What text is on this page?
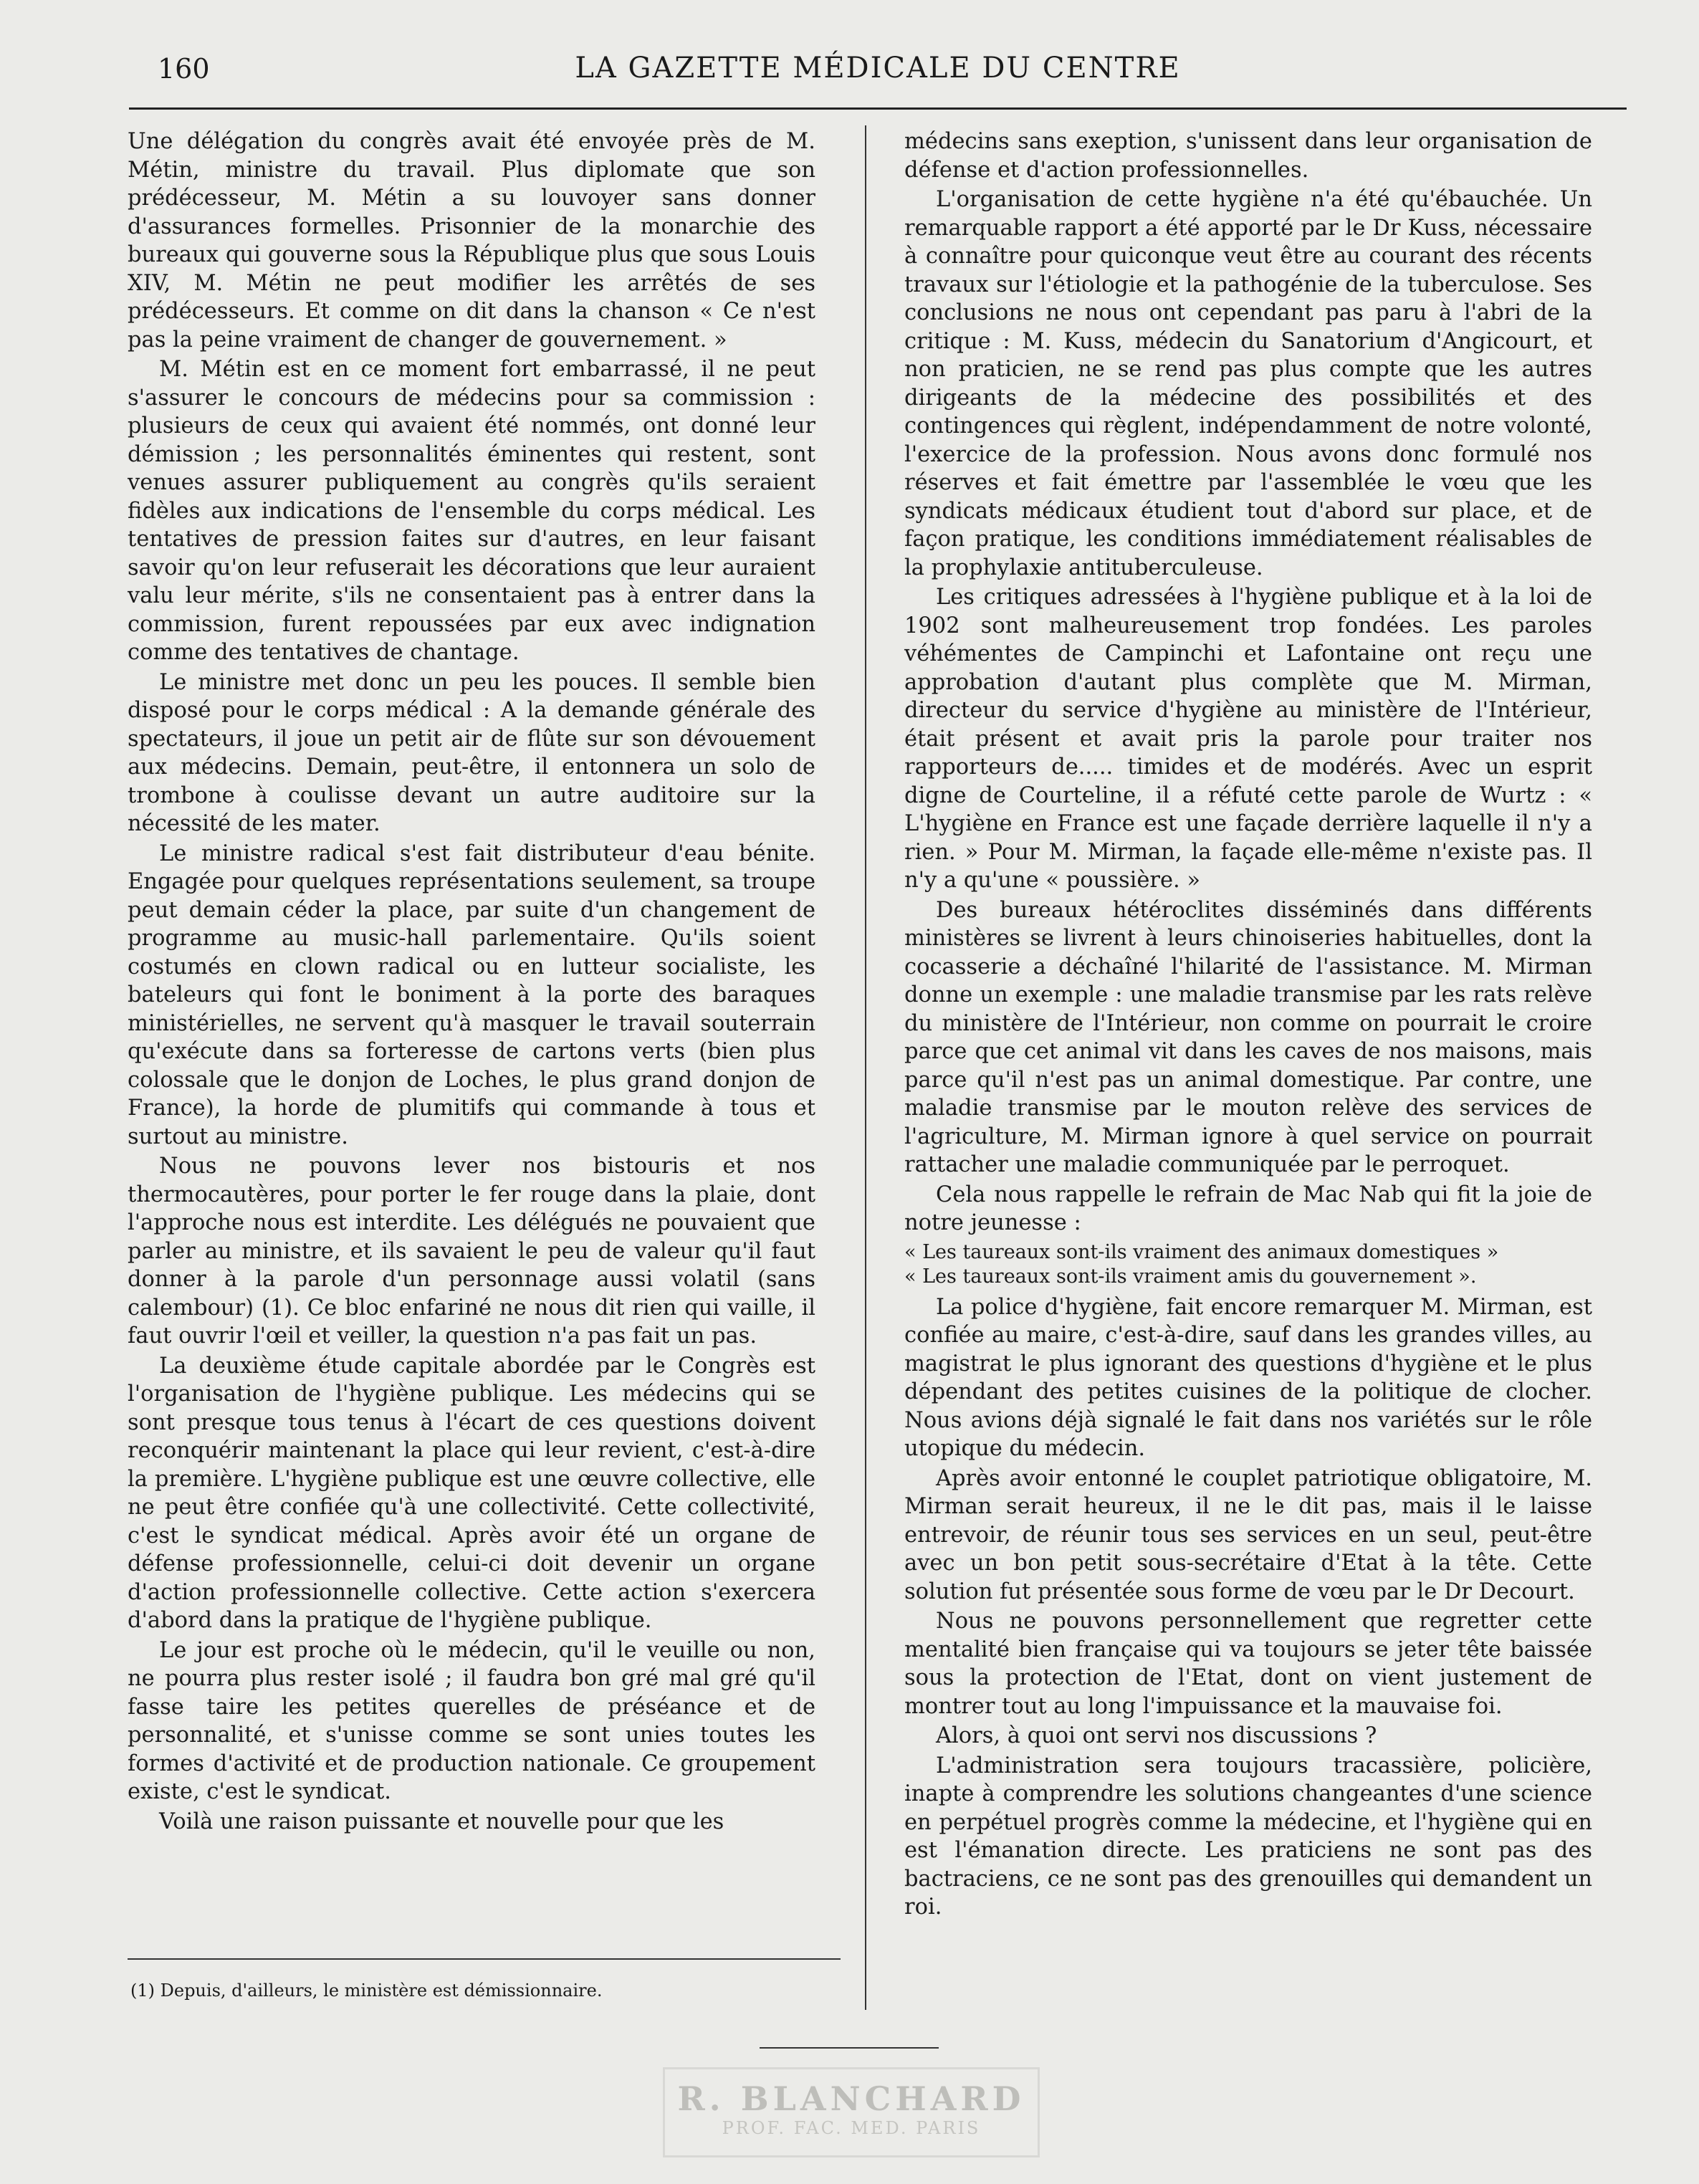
160	LA GAZETTE MÉDICALE DU CENTRE

Une délégation du congrès avait été envoyée près de M. Métin, ministre du travail. Plus diplomate que son prédécesseur, M. Métin a su louvoyer sans donner d'assurances formelles. Prisonnier de la monarchie des bureaux qui gouverne sous la République plus que sous Louis XIV, M. Métin ne peut modifier les arrêtés de ses prédécesseurs. Et comme on dit dans la chanson « Ce n'est pas la peine vraiment de changer de gouvernement. »

M. Métin est en ce moment fort embarrassé, il ne peut s'assurer le concours de médecins pour sa commission : plusieurs de ceux qui avaient été nommés, ont donné leur démission ; les personnalités éminentes qui restent, sont venues assurer publiquement au congrès qu'ils seraient fidèles aux indications de l'ensemble du corps médical. Les tentatives de pression faites sur d'autres, en leur faisant savoir qu'on leur refuserait les décorations que leur auraient valu leur mérite, s'ils ne consentaient pas à entrer dans la commission, furent repoussées par eux avec indignation comme des tentatives de chantage.

Le ministre met donc un peu les pouces. Il semble bien disposé pour le corps médical : A la demande générale des spectateurs, il joue un petit air de flûte sur son dévouement aux médecins. Demain, peut-être, il entonnera un solo de trombone à coulisse devant un autre auditoire sur la nécessité de les mater.

Le ministre radical s'est fait distributeur d'eau bénite. Engagée pour quelques représentations seulement, sa troupe peut demain céder la place, par suite d'un changement de programme au music-hall parlementaire. Qu'ils soient costumés en clown radical ou en lutteur socialiste, les bateleurs qui font le boniment à la porte des baraques ministérielles, ne servent qu'à masquer le travail souterrain qu'exécute dans sa forteresse de cartons verts (bien plus colossale que le donjon de Loches, le plus grand donjon de France), la horde de plumitifs qui commande à tous et surtout au ministre.

Nous ne pouvons lever nos bistouris et nos thermocautères, pour porter le fer rouge dans la plaie, dont l'approche nous est interdite. Les délégués ne pouvaient que parler au ministre, et ils savaient le peu de valeur qu'il faut donner à la parole d'un personnage aussi volatil (sans calembour) (1). Ce bloc enfariné ne nous dit rien qui vaille, il faut ouvrir l'œil et veiller, la question n'a pas fait un pas.

La deuxième étude capitale abordée par le Congrès est l'organisation de l'hygiène publique. Les médecins qui se sont presque tous tenus à l'écart de ces questions doivent reconquérir maintenant la place qui leur revient, c'est-à-dire la première. L'hygiène publique est une œuvre collective, elle ne peut être confiée qu'à une collectivité. Cette collectivité, c'est le syndicat médical. Après avoir été un organe de défense professionnelle, celui-ci doit devenir un organe d'action professionnelle collective. Cette action s'exercera d'abord dans la pratique de l'hygiène publique.

Le jour est proche où le médecin, qu'il le veuille ou non, ne pourra plus rester isolé ; il faudra bon gré mal gré qu'il fasse taire les petites querelles de préséance et de personnalité, et s'unisse comme se sont unies toutes les formes d'activité et de production nationale. Ce groupement existe, c'est le syndicat.

Voilà une raison puissante et nouvelle pour que les

médecins sans exeption, s'unissent dans leur organisation de défense et d'action professionnelles.

L'organisation de cette hygiène n'a été qu'ébauchée. Un remarquable rapport a été apporté par le Dr Kuss, nécessaire à connaître pour quiconque veut être au courant des récents travaux sur l'étiologie et la pathogénie de la tuberculose. Ses conclusions ne nous ont cependant pas paru à l'abri de la critique : M. Kuss, médecin du Sanatorium d'Angicourt, et non praticien, ne se rend pas plus compte que les autres dirigeants de la médecine des possibilités et des contingences qui règlent, indépendamment de notre volonté, l'exercice de la profession. Nous avons donc formulé nos réserves et fait émettre par l'assemblée le vœu que les syndicats médicaux étudient tout d'abord sur place, et de façon pratique, les conditions immédiatement réalisables de la prophylaxie antituberculeuse.

Les critiques adressées à l'hygiène publique et à la loi de 1902 sont malheureusement trop fondées. Les paroles véhémentes de Campinchi et Lafontaine ont reçu une approbation d'autant plus complète que M. Mirman, directeur du service d'hygiène au ministère de l'Intérieur, était présent et avait pris la parole pour traiter nos rapporteurs de..... timides et de modérés. Avec un esprit digne de Courteline, il a réfuté cette parole de Wurtz : « L'hygiène en France est une façade derrière laquelle il n'y a rien. » Pour M. Mirman, la façade elle-même n'existe pas. Il n'y a qu'une « poussière. »

Des bureaux hétéroclites disséminés dans différents ministères se livrent à leurs chinoiseries habituelles, dont la cocasserie a déchaîné l'hilarité de l'assistance. M. Mirman donne un exemple : une maladie transmise par les rats relève du ministère de l'Intérieur, non comme on pourrait le croire parce que cet animal vit dans les caves de nos maisons, mais parce qu'il n'est pas un animal domestique. Par contre, une maladie transmise par le mouton relève des services de l'agriculture, M. Mirman ignore à quel service on pourrait rattacher une maladie communiquée par le perroquet.

Cela nous rappelle le refrain de Mac Nab qui fit la joie de notre jeunesse :

« Les taureaux sont-ils vraiment des animaux domestiques »
« Les taureaux sont-ils vraiment amis du gouvernement ».

La police d'hygiène, fait encore remarquer M. Mirman, est confiée au maire, c'est-à-dire, sauf dans les grandes villes, au magistrat le plus ignorant des questions d'hygiène et le plus dépendant des petites cuisines de la politique de clocher. Nous avions déjà signalé le fait dans nos variétés sur le rôle utopique du médecin.

Après avoir entonné le couplet patriotique obligatoire, M. Mirman serait heureux, il ne le dit pas, mais il le laisse entrevoir, de réunir tous ses services en un seul, peut-être avec un bon petit sous-secrétaire d'Etat à la tête. Cette solution fut présentée sous forme de vœu par le Dr Decourt.

Nous ne pouvons personnellement que regretter cette mentalité bien française qui va toujours se jeter tête baissée sous la protection de l'Etat, dont on vient justement de montrer tout au long l'impuissance et la mauvaise foi.

Alors, à quoi ont servi nos discussions ?

L'administration sera toujours tracassière, policière, inapte à comprendre les solutions changeantes d'une science en perpétuel progrès comme la médecine, et l'hygiène qui en est l'émanation directe. Les praticiens ne sont pas des bactraciens, ce ne sont pas des grenouilles qui demandent un roi.

(1) Depuis, d'ailleurs, le ministère est démissionnaire.
R. BLANCHARD
PROF. FAC. MED. PARIS
